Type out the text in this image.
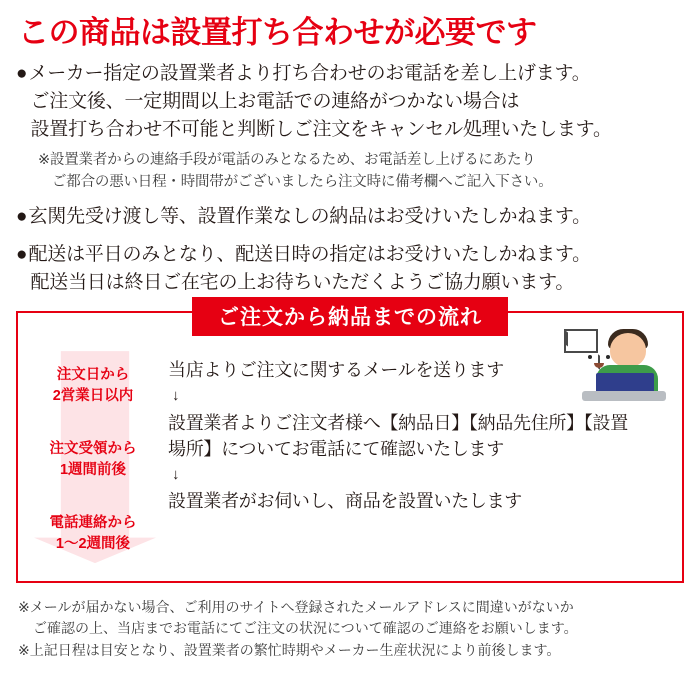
この商品は設置打ち合わせが必要です
● メーカー指定の設置業者より打ち合わせのお電話を差し上げます。
ご注文後、一定期間以上お電話での連絡がつかない場合は
設置打ち合わせ不可能と判断しご注文をキャンセル処理いたします。
※設置業者からの連絡手段が電話のみとなるため、お電話差し上げるにあたり
ご都合の悪い日程・時間帯がございましたら注文時に備考欄へご記入下さい。
● 玄関先受け渡し等、設置作業なしの納品はお受けいたしかねます。
● 配送は平日のみとなり、配送日時の指定はお受けいたしかねます。
配送当日は終日ご在宅の上お待ちいただくようご協力願います。
ご注文から納品までの流れ
注文日から
2営業日以内
注文受領から
1週間前後
電話連絡から
1～2週間後
当店よりご注文に関するメールを送ります
↓
設置業者よりご注文者様へ【納品日】【納品先住所】【設置場所】についてお電話にて確認いたします
↓
設置業者がお伺いし、商品を設置いたします
※メールが届かない場合、ご利用のサイトへ登録されたメールアドレスに間違いがないか
ご確認の上、当店までお電話にてご注文の状況について確認のご連絡をお願いします。
※上記日程は目安となり、設置業者の繁忙時期やメーカー生産状況により前後します。
